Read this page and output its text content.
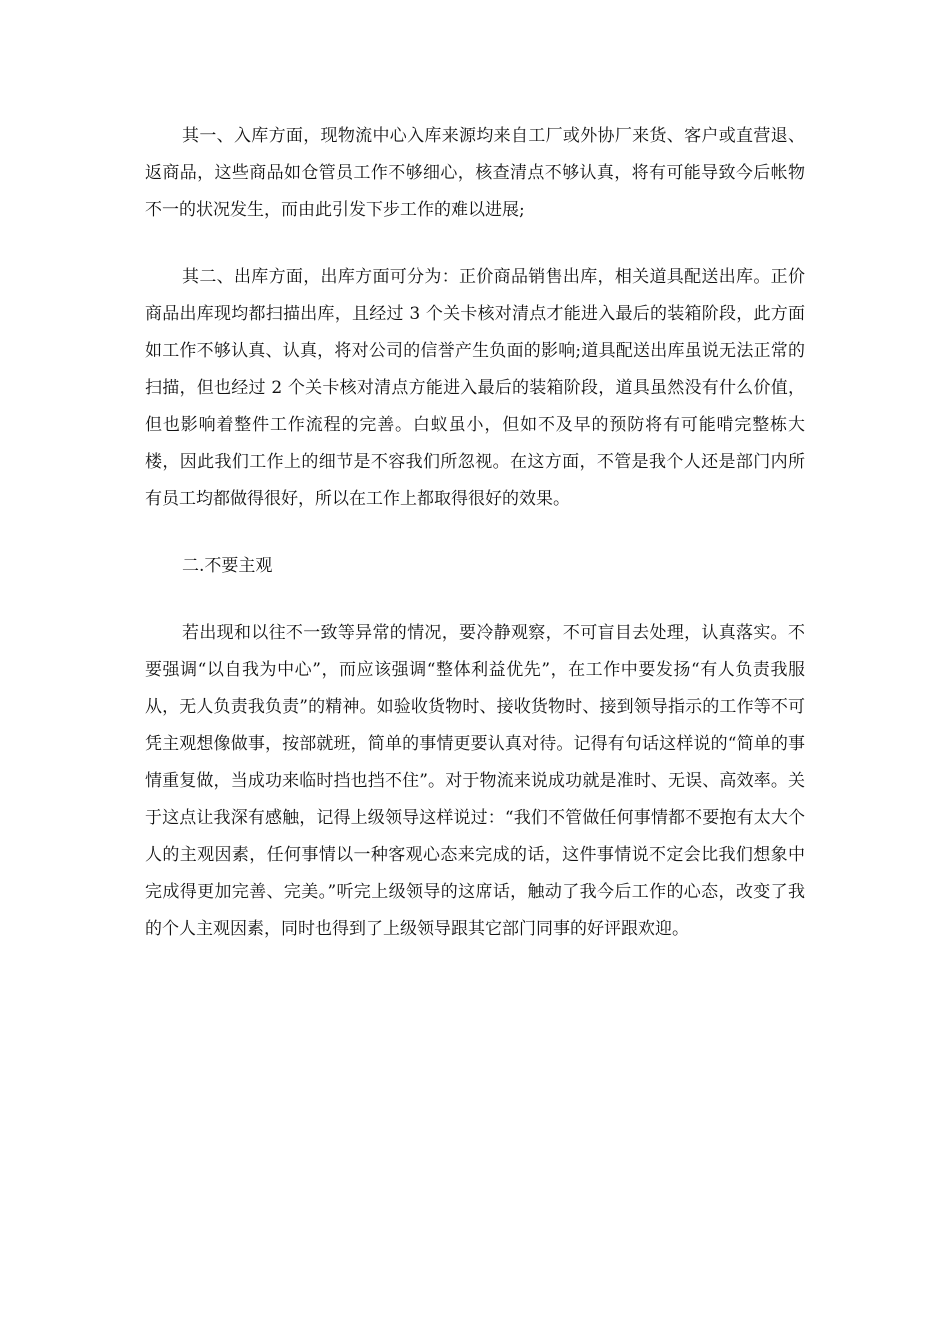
其一、入库方面，现物流中心入库来源均来自工厂或外协厂来货、客户或直营退、返商品，这些商品如仓管员工作不够细心，核查清点不够认真，将有可能导致今后帐物不一的状况发生，而由此引发下步工作的难以进展;

其二、出库方面，出库方面可分为：正价商品销售出库，相关道具配送出库。正价商品出库现均都扫描出库，且经过 3 个关卡核对清点才能进入最后的装箱阶段，此方面如工作不够认真、认真，将对公司的信誉产生负面的影响;道具配送出库虽说无法正常的扫描，但也经过 2 个关卡核对清点方能进入最后的装箱阶段，道具虽然没有什么价值，但也影响着整件工作流程的完善。白蚁虽小，但如不及早的预防将有可能啃完整栋大楼，因此我们工作上的细节是不容我们所忽视。在这方面，不管是我个人还是部门内所有员工均都做得很好，所以在工作上都取得很好的效果。

二.不要主观

若出现和以往不一致等异常的情况，要冷静观察，不可盲目去处理，认真落实。不要强调“以自我为中心”，而应该强调“整体利益优先”，在工作中要发扬“有人负责我服从，无人负责我负责”的精神。如验收货物时、接收货物时、接到领导指示的工作等不可凭主观想像做事，按部就班，简单的事情更要认真对待。记得有句话这样说的“简单的事情重复做，当成功来临时挡也挡不住”。对于物流来说成功就是准时、无误、高效率。关于这点让我深有感触，记得上级领导这样说过：“我们不管做任何事情都不要抱有太大个人的主观因素，任何事情以一种客观心态来完成的话，这件事情说不定会比我们想象中完成得更加完善、完美。”听完上级领导的这席话，触动了我今后工作的心态，改变了我的个人主观因素，同时也得到了上级领导跟其它部门同事的好评跟欢迎。
